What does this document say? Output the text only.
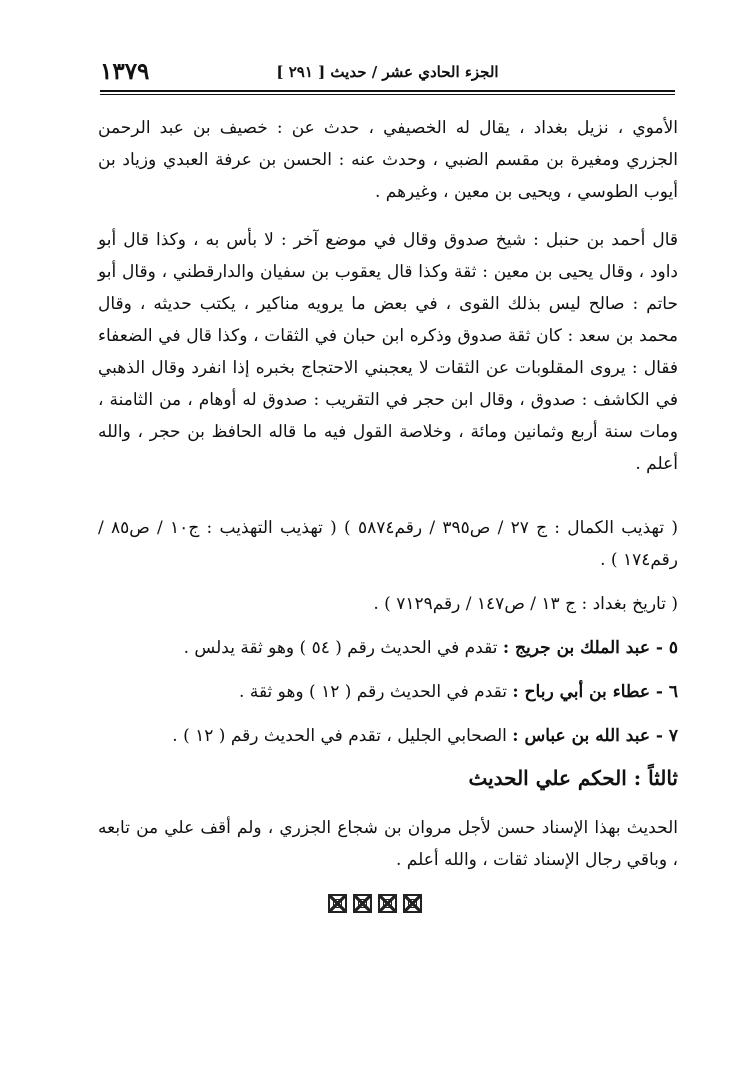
الجزء الحادي عشر / حديث [ ٢٩١ ]
١٣٧٩

الأموي ، نزيل بغداد ، يقال له الخصيفي ، حدث عن : خصيف بن عبد الرحمن الجزري ومغيرة بن مقسم الضبي ، وحدث عنه : الحسن بن عرفة العبدي وزياد بن أيوب الطوسي ، ويحيى بن معين ، وغيرهم .

قال أحمد بن حنبل : شيخ صدوق وقال في موضع آخر : لا بأس به ، وكذا قال أبو داود ، وقال يحيى بن معين : ثقة وكذا قال يعقوب بن سفيان والدارقطني ، وقال أبو حاتم : صالح ليس بذلك القوى ، في بعض ما يرويه مناكير ، يكتب حديثه ، وقال محمد بن سعد : كان ثقة صدوق وذكره ابن حبان في الثقات ، وكذا قال في الضعفاء فقال : يروى المقلوبات عن الثقات لا يعجبني الاحتجاج بخبره إذا انفرد وقال الذهبي في الكاشف : صدوق ، وقال ابن حجر في التقريب : صدوق له أوهام ، من الثامنة ، ومات سنة أربع وثمانين ومائة ، وخلاصة القول فيه ما قاله الحافظ بن حجر ، والله أعلم .

( تهذيب الكمال : ج ٢٧ / ص٣٩٥ / رقم٥٨٧٤ ) ( تهذيب التهذيب : ج١٠ / ص٨٥ / رقم١٧٤ ) .

( تاريخ بغداد : ج ١٣ / ص١٤٧ / رقم٧١٢٩ ) .

٥ - عبد الملك بن جريج : تقدم في الحديث رقم ( ٥٤ ) وهو ثقة يدلس .

٦ - عطاء بن أبي رباح : تقدم في الحديث رقم ( ١٢ ) وهو ثقة .

٧ - عبد الله بن عباس : الصحابي الجليل ، تقدم في الحديث رقم ( ١٢ ) .

ثالثاً : الحكم علي الحديث

الحديث بهذا الإسناد حسن لأجل مروان بن شجاع الجزري ، ولم أقف علي من تابعه ، وباقي رجال الإسناد ثقات ، والله أعلم .
